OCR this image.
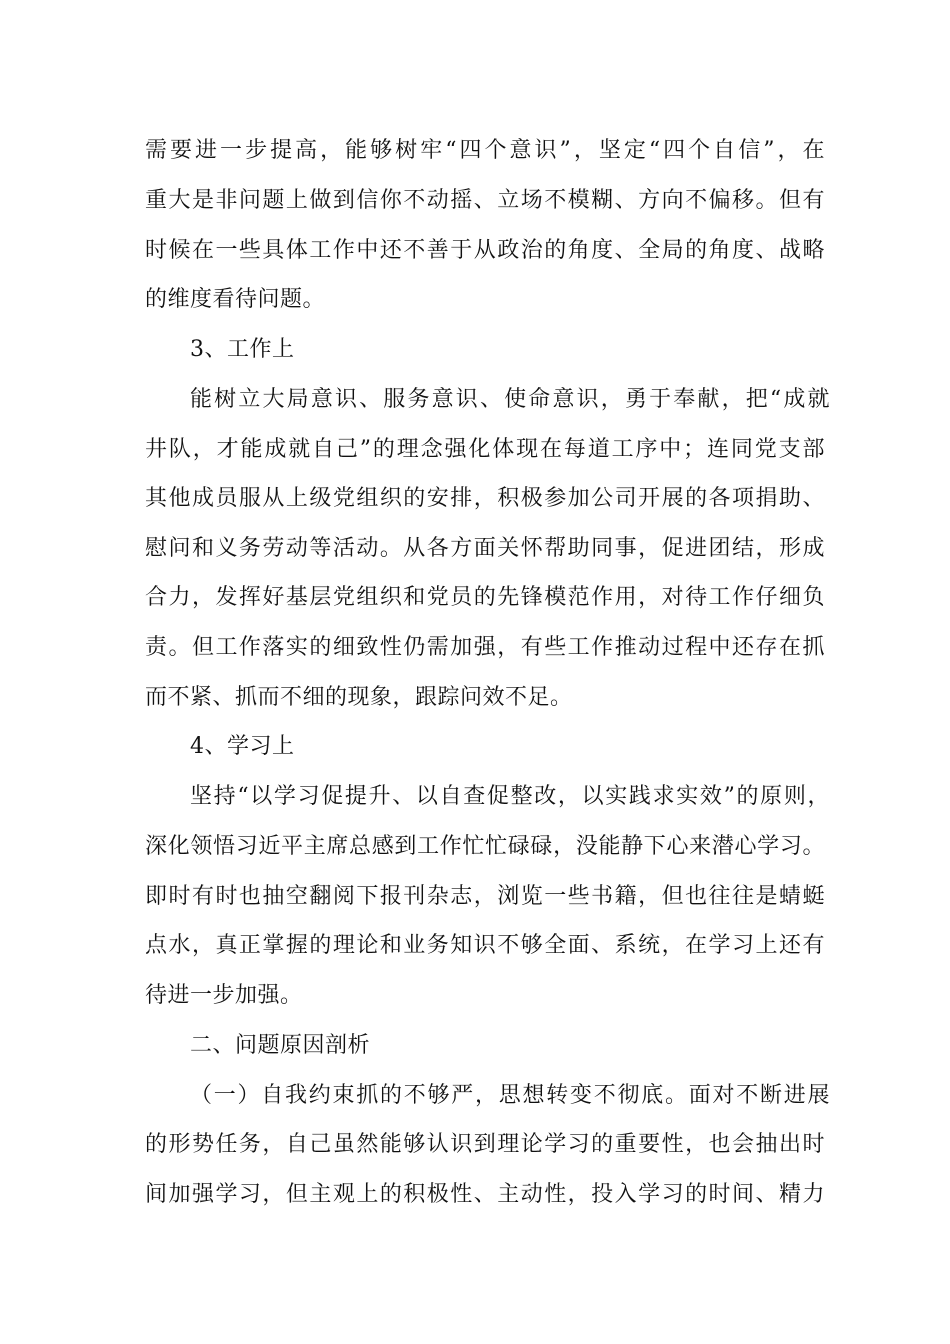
需要进一步提高，能够树牢“四个意识”，坚定“四个自信”，在
重大是非问题上做到信你不动摇、立场不模糊、方向不偏移。但有
时候在一些具体工作中还不善于从政治的角度、全局的角度、战略
的维度看待问题。
3、工作上
能树立大局意识、服务意识、使命意识，勇于奉献，把“成就
井队，才能成就自己”的理念强化体现在每道工序中；连同党支部
其他成员服从上级党组织的安排，积极参加公司开展的各项捐助、
慰问和义务劳动等活动。从各方面关怀帮助同事，促进团结，形成
合力，发挥好基层党组织和党员的先锋模范作用，对待工作仔细负
责。但工作落实的细致性仍需加强，有些工作推动过程中还存在抓
而不紧、抓而不细的现象，跟踪问效不足。
4、学习上
坚持“以学习促提升、以自查促整改，以实践求实效”的原则，
深化领悟习近平主席总感到工作忙忙碌碌，没能静下心来潜心学习。
即时有时也抽空翻阅下报刊杂志，浏览一些书籍，但也往往是蜻蜓
点水，真正掌握的理论和业务知识不够全面、系统，在学习上还有
待进一步加强。
二、问题原因剖析
（一）自我约束抓的不够严，思想转变不彻底。面对不断进展
的形势任务，自己虽然能够认识到理论学习的重要性，也会抽出时
间加强学习，但主观上的积极性、主动性，投入学习的时间、精力
